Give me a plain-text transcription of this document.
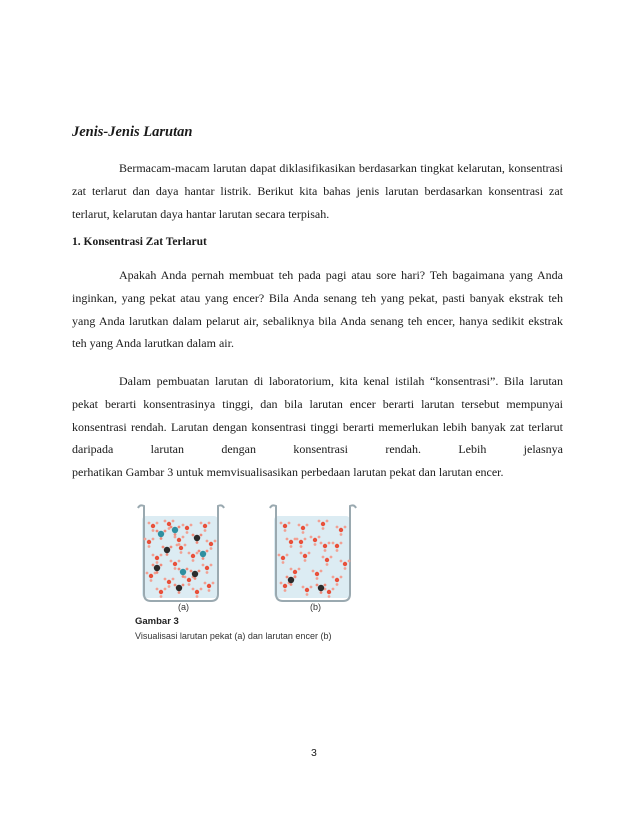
Jenis-Jenis Larutan

Bermacam-macam larutan dapat diklasifikasikan berdasarkan tingkat kelarutan, konsentrasi zat terlarut dan daya hantar listrik. Berikut kita bahas jenis larutan berdasarkan konsentrasi zat terlarut, kelarutan daya hantar larutan secara terpisah.

1. Konsentrasi Zat Terlarut

Apakah Anda pernah membuat teh pada pagi atau sore hari? Teh bagaimana yang Anda inginkan, yang pekat atau yang encer? Bila Anda senang teh yang pekat, pasti banyak ekstrak teh yang Anda larutkan dalam pelarut air, sebaliknya bila Anda senang teh encer, hanya sedikit ekstrak teh yang Anda larutkan dalam air.

Dalam pembuatan larutan di laboratorium, kita kenal istilah “konsentrasi”. Bila larutan pekat berarti konsentrasinya tinggi, dan bila larutan encer berarti larutan tersebut mempunyai konsentrasi rendah. Larutan dengan konsentrasi tinggi berarti memerlukan lebih banyak zat terlarut daripada larutan dengan konsentrasi rendah. Lebih jelasnya

perhatikan Gambar 3 untuk memvisualisasikan perbedaan larutan pekat dan larutan encer.

(a)	(b)
Gambar 3
Visualisasi larutan pekat (a) dan larutan encer (b)
3
